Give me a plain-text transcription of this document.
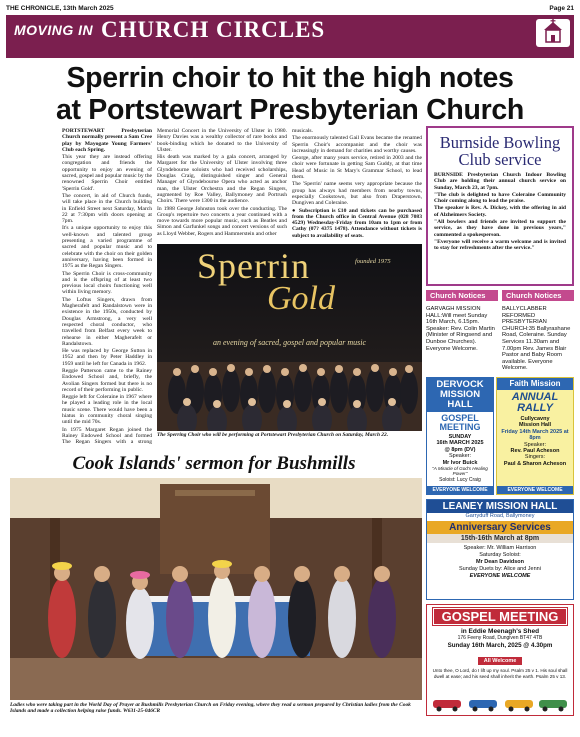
THE CHRONICLE, 13th March 2025	Page 21
MOVING IN CHURCH CIRCLES
Sperrin choir to hit the high notes
at Portstewart Presbyterian Church

PORTSTEWART Presbyterian Church normally present a Sam Cree play by Mayogate Young Farmers' Club each Spring.

This year they are instead offering congregation and friends the opportunity to enjoy an evening of sacred, gospel and popular music by the renowned Sperrin Choir entitled 'Sperrin Gold'.

The concert, in aid of Church funds, will take place in the Church building in Enfield Street next Saturday, March 22 at 7:30pm with doors opening at 7pm.

It's a unique opportunity to enjoy this well-known and talented group presenting a varied programme of sacred and popular music and to celebrate with the choir on their golden anniversary, having been formed in 1975 as the Regan Singers.

The Sperrin Choir is cross-community and is the offspring of at least two previous local choirs functioning well within living memory.

The Loftus Singers, drawn from Magherafelt and Randalstown were in existence in the 1950s, conducted by Douglas Armstrong, a very well respected choral conductor, who travelled from Belfast every week to rehearse in either Magherafelt or Randalstown.

He was replaced by George Sutton in 1952 and then by Peter Haddley in 1959 until he left for Canada in 1962.

Reggie Patterson came to the Rainey Endowed School and, briefly, the Avolian Singers formed but there is no record of their performing in public.

Reggie left for Coleraine in 1967 where he played a leading role in the local music scene. There would have been a hiatus in community choral singing until the mid 70s.

In 1975 Margaret Regan joined the Rainey Endowed School and formed The Regan Singers with a strong

Memorial Concert in the University of Ulster in 1980. Henry Davies was a wealthy collector of rare books and book-binding which he donated to the University of Ulster.

His death was marked by a gala concert, arranged by Margaret for the University of Ulster involving three Glyndebourne soloists who had received scholarships, Douglas Craig, distinguished singer and General Manager of Glyndebourne Opera who acted as anchor man, the Ulster Orchestra and the Regan Singers, augmented by Roe Valley, Ballymoney and Portrush Choirs. There were 1300 in the audience.

In 1988 George Johnston took over the conducting. The Group's repertoire two concerts a year continued with a move towards more popular music, such as Beatles and Simon and Garfunkel songs and concert versions of such as Lloyd Webber, Rogers and Hammerstein and other

musicals.

The enormously talented Gail Evans became the renamed Sperrin Choir's accompanist and the choir was increasingly in demand for charities and worthy causes.

George, after many years service, retired in 2003 and the choir were fortunate in getting Sam Guddy, at that time Head of Music in St Mary's Grammar School, to lead them.

The 'Sperrin' name seems very appropriate because the group has always had members from nearby towns, especially Cookstown, but also from Draperstown, Dungiven and Coleraine.

● Subscription is £10 and tickets can be purchased from the Church office in Central Avenue (028 7083 4529) Wednesday-Friday from 10am to 1pm or from Cathy (07? 4375 1478). Attendance without tickets is subject to availability of seats.

Sperrin
Gold
founded 1975
an evening of sacred, gospel and popular music
The Sperring Choir who will be performing at Portstewart Presbyterian Church on Saturday, March 22.
Burnside Bowling Club service

BURNSIDE Presbyterian Church Indoor Bowling Club are holding their annual church service on Sunday, March 23, at 7pm.

"The club is delighted to have Coleraine Community Choir coming along to lead the praise.

The speaker is Rev. A. Dickey, with the offering in aid of Alzheimers Society.

"All bowlers and friends are invited to support the service, as they have done in previous years," commented a spokesperson.

"Everyone will receive a warm welcome and is invited to stay for refreshments after the service."

Church Notices
GARVAGH MISSION HALL:Will meet Sunday 16th March, 6.15pm. Speaker: Rev. Colin Martin (Minister of Ringsend and Dunboe Churches). Everyone Welcome.
Church Notices
BALLYCLABBER REFORMED PRESBYTERIAN CHURCH:35 Ballyrashane Road, Coleraine. Sunday Services 11.30am and 7.00pm Rev. James Blair Pastor and Baby Room available. Everyone Welcome.
DERVOCK MISSION HALL
GOSPEL MEETING
SUNDAY
16th MARCH 2025
@ 8pm (DV)
Speaker:
Mr Ivor Buick
"A Miracle of God's Healing Power"
Soloist: Lucy Craig
EVERYONE WELCOME
Faith Mission
ANNUAL RALLY
Cullycavny
Mission Hall
Friday 14th March 2025 at 8pm
Speaker:
Rev. Paul Acheson
Singers:
Paul & Sharon Acheson
EVERYONE WELCOME
LEANEY MISSION HALL
Garryduff Road, Ballymoney
Anniversary Services
15th-16th March at 8pm
Speaker: Mr. William Harrison
Saturday Soloist:
Mr Dean Davidson
Sunday Duets by: Alice and Jenni
EVERYONE WELCOME
GOSPEL MEETING
in Eddie Meenagh's Shed
176 Feeny Road, Dungiven BT47 4TB
Sunday 16th March, 2025 @ 4.30pm
All Welcome
Unto thee, O Lord, do I lift up my soul. Psalm 25 v 1. His soul shall dwell at ease; and his seed shall inherit the earth. Psalm 25 v 13.
Cook Islands' sermon for Bushmills
Ladies who were taking part in the World Day of Prayer at Bushmills Presbyterian Church on Friday evening, where they read a sermon prepared by Christian ladies from the Cook Islands and made a collection helping raise funds. W631-25-046CR
